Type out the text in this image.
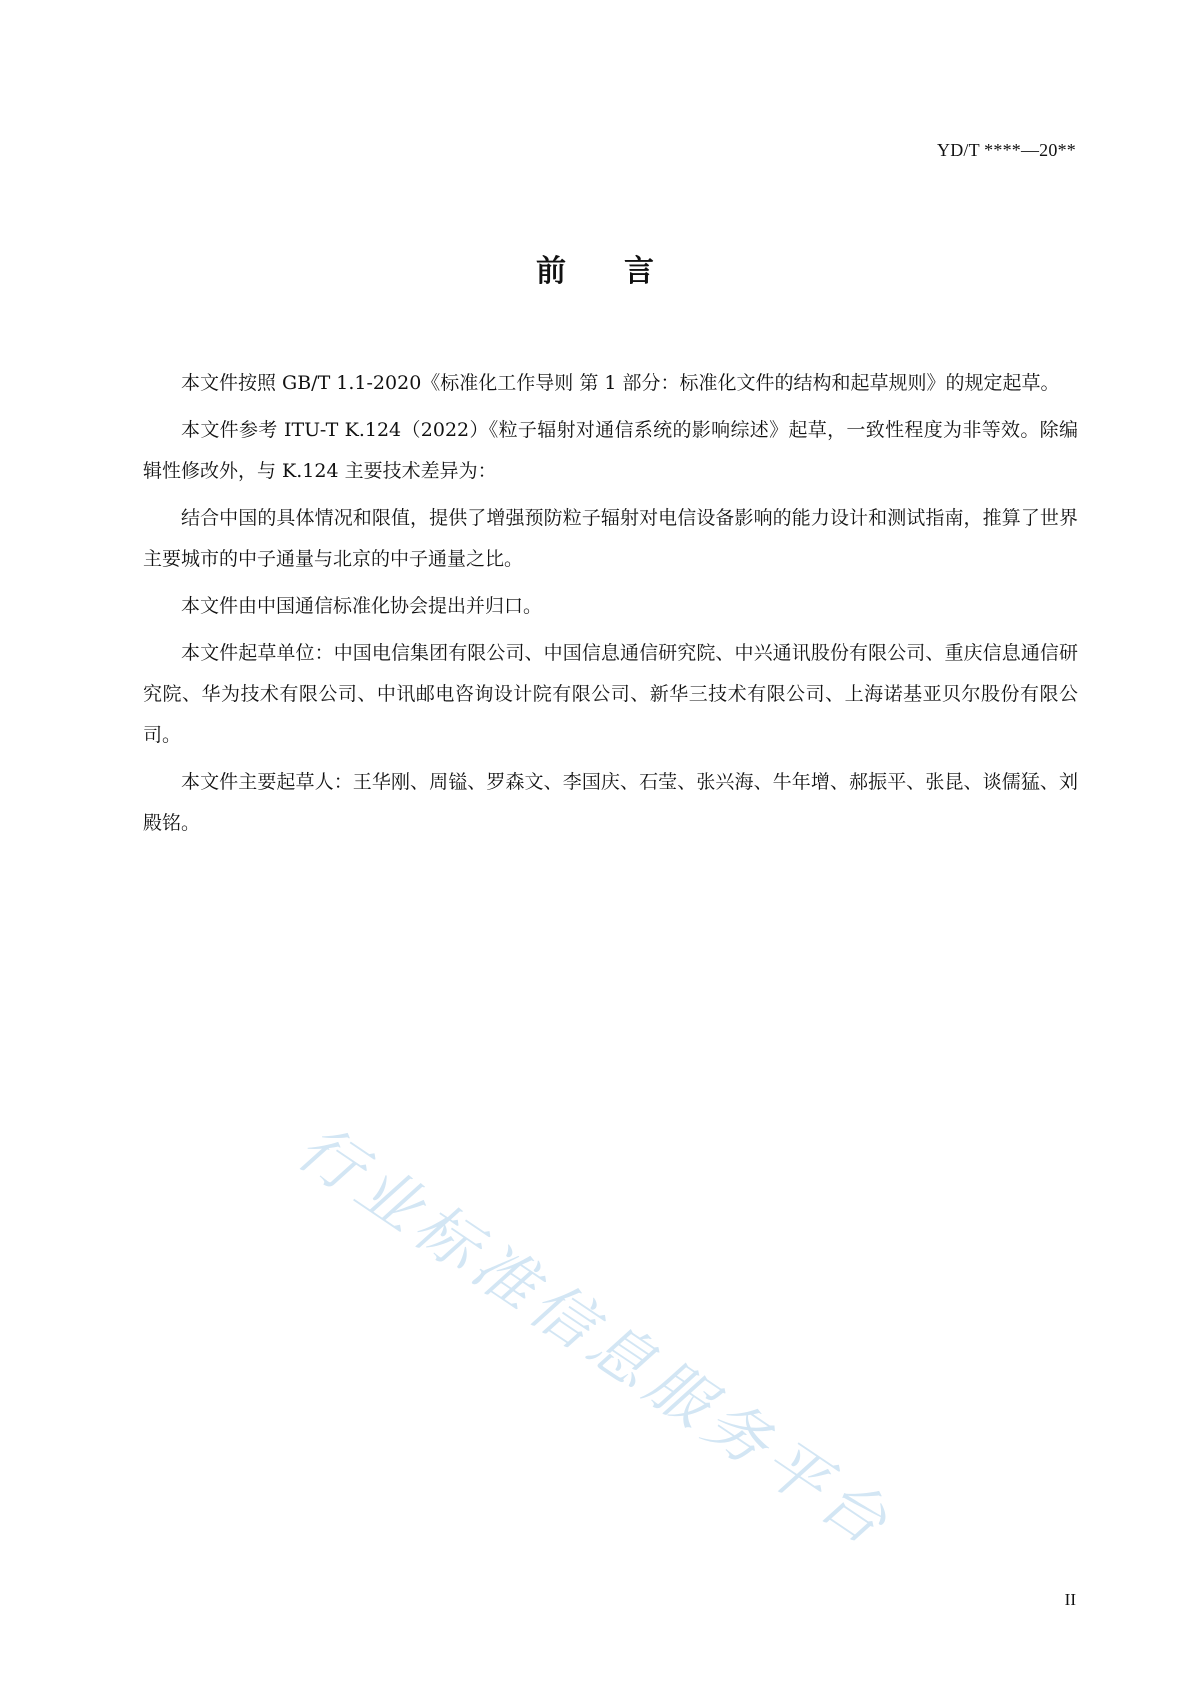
YD/T ****—20**
前 言

本文件按照 GB/T 1.1-2020《标准化工作导则 第 1 部分：标准化文件的结构和起草规则》的规定起草。

本文件参考 ITU-T K.124（2022）《粒子辐射对通信系统的影响综述》起草，一致性程度为非等效。除编辑性修改外，与 K.124 主要技术差异为：

结合中国的具体情况和限值，提供了增强预防粒子辐射对电信设备影响的能力设计和测试指南，推算了世界主要城市的中子通量与北京的中子通量之比。

本文件由中国通信标准化协会提出并归口。

本文件起草单位：中国电信集团有限公司、中国信息通信研究院、中兴通讯股份有限公司、重庆信息通信研究院、华为技术有限公司、中讯邮电咨询设计院有限公司、新华三技术有限公司、上海诺基亚贝尔股份有限公司。

本文件主要起草人：王华刚、周镒、罗森文、李国庆、石莹、张兴海、牛年增、郝振平、张昆、谈儒猛、刘殿铭。

行业标准信息服务平台
II
